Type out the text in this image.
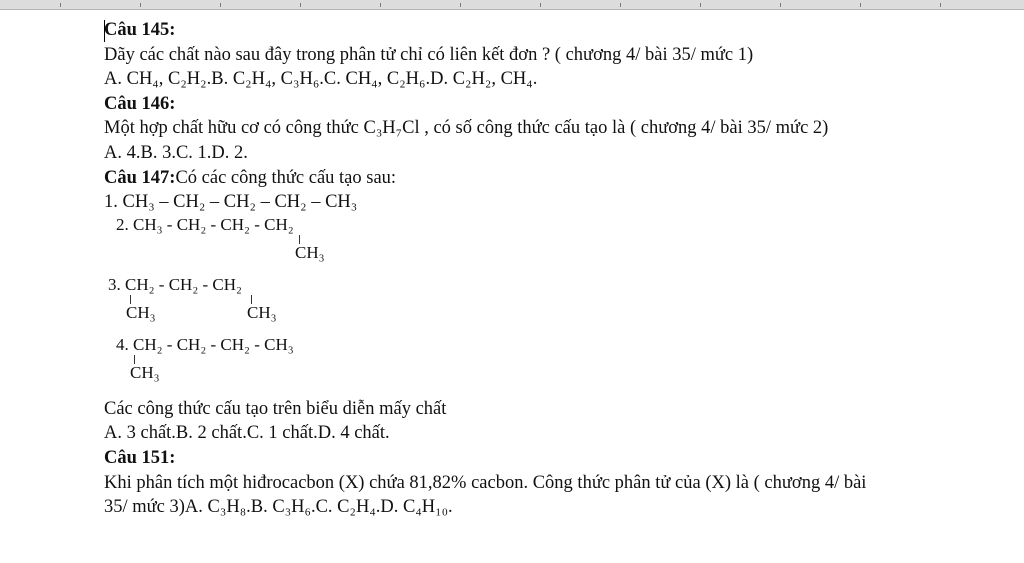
Câu 145:
Dãy các chất nào sau đây trong phân tử chỉ có liên kết đơn ? ( chương 4/ bài 35/ mức 1)
A. CH₄, C₂H₂.B. C₂H₄, C₃H₆.C. CH₄, C₂H₆.D. C₂H₂, CH₄.
Câu 146:
Một hợp chất hữu cơ có công thức C₃H₇Cl , có số công thức cấu tạo là ( chương 4/ bài 35/ mức 2)
A. 4.B. 3.C. 1.D. 2.
Câu 147:Có các công thức cấu tạo sau:
1. CH₃ – CH₂ – CH₂ – CH₂ – CH₃
2. CH₃ - CH₂ - CH₂ - CH₂
CH₃
3. CH₂ - CH₂ - CH₂
CH₃	CH₃
4. CH₂ - CH₂ - CH₂ - CH₃
CH₃
Các công thức cấu tạo trên biểu diễn mấy chất
A. 3 chất.B. 2 chất.C. 1 chất.D. 4 chất.
Câu 151:
Khi phân tích một hiđrocacbon (X) chứa 81,82% cacbon. Công thức phân tử của (X) là ( chương 4/ bài
35/ mức 3)A. C₃H₈.B. C₃H₆.C. C₂H₄.D. C₄H₁₀.
